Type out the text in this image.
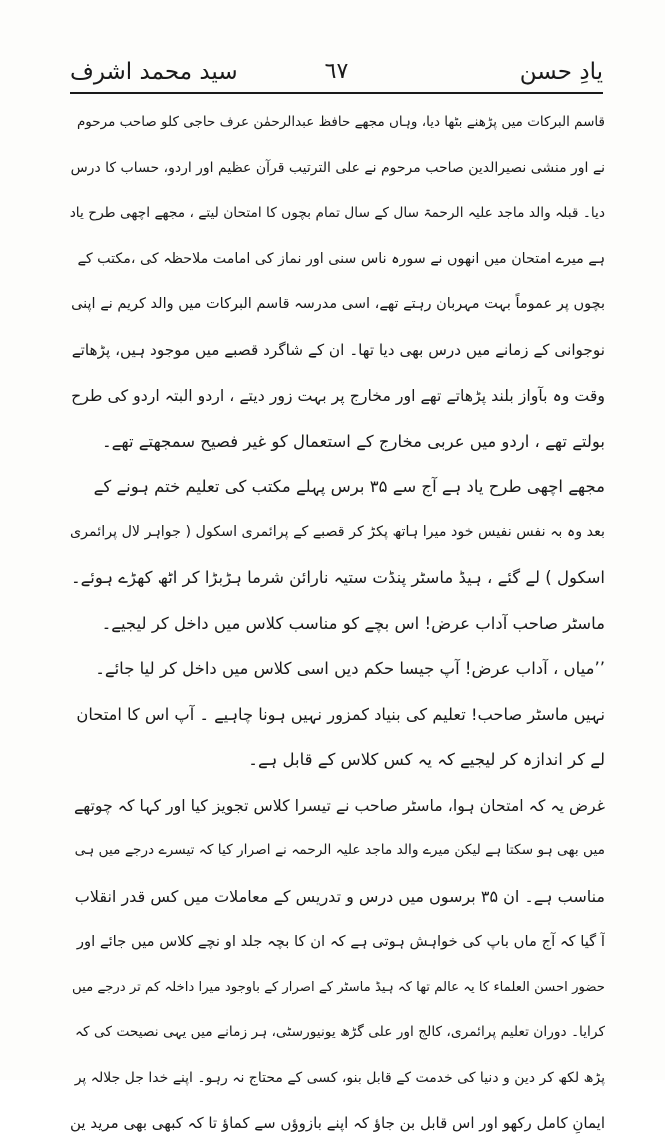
یادِ حسن
٦٧
سید محمد اشرف
قاسم البرکات میں پڑھنے بٹھا دیا، وہاں مجھے حافظ عبدالرحمٰن عرف حاجی کلو صاحب مرحوم
نے اور منشی نصیرالدین صاحب مرحوم نے علی الترتیب قرآن عظیم اور اردو، حساب کا درس
دیا۔ قبلہ والد ماجد علیہ الرحمۃ سال کے سال تمام بچوں کا امتحان لیتے ، مجھے اچھی طرح یاد
ہے میرے امتحان میں انھوں نے سورہ ناس سنی اور نماز کی امامت ملاحظہ کی ،مکتب کے
بچوں پر عموماً بہت مہربان رہتے تھے، اسی مدرسہ قاسم البرکات میں والد کریم نے اپنی
نوجوانی کے زمانے میں درس بھی دیا تھا۔ ان کے شاگرد قصبے میں موجود ہیں، پڑھاتے
وقت وہ بآواز بلند پڑھاتے تھے اور مخارج پر بہت زور دیتے ، اردو البتہ اردو کی طرح
بولتے تھے ، اردو میں عربی مخارج کے استعمال کو غیر فصیح سمجھتے تھے۔
مجھے اچھی طرح یاد ہے آج سے ۳۵ برس پہلے مکتب کی تعلیم ختم ہونے کے
بعد وہ بہ نفس نفیس خود میرا ہاتھ پکڑ کر قصبے کے پرائمری اسکول ( جواہر لال پرائمری
اسکول ) لے گئے ، ہیڈ ماسٹر پنڈت ستیہ نارائن شرما ہڑبڑا کر اٹھ کھڑے ہوئے۔
ماسٹر صاحب آداب عرض! اس بچے کو مناسب کلاس میں داخل کر لیجیے۔
’’میاں ، آداب عرض! آپ جیسا حکم دیں اسی کلاس میں داخل کر لیا جائے۔
نہیں ماسٹر صاحب! تعلیم کی بنیاد کمزور نہیں ہونا چاہیے ۔ آپ اس کا امتحان
لے کر اندازہ کر لیجیے کہ یہ کس کلاس کے قابل ہے۔
غرض یہ کہ امتحان ہوا، ماسٹر صاحب نے تیسرا کلاس تجویز کیا اور کہا کہ چوتھے
میں بھی ہو سکتا ہے لیکن میرے والد ماجد علیہ الرحمہ نے اصرار کیا کہ تیسرے درجے میں ہی
مناسب ہے۔ ان ۳۵ برسوں میں درس و تدریس کے معاملات میں کس قدر انقلاب
آ گیا کہ آج ماں باپ کی خواہش ہوتی ہے کہ ان کا بچہ جلد او نچے کلاس میں جائے اور
حضور احسن العلماء کا یہ عالم تھا کہ ہیڈ ماسٹر کے اصرار کے باوجود میرا داخلہ کم تر درجے میں
کرایا۔ دوران تعلیم پرائمری، کالج اور علی گڑھ یونیورسٹی، ہر زمانے میں یہی نصیحت کی کہ
پڑھ لکھ کر دین و دنیا کی خدمت کے قابل بنو، کسی کے محتاج نہ رہو۔ اپنے خدا جل جلالہ پر
ایمانِ کامل رکھو اور اس قابل بن جاؤ کہ اپنے بازوؤں سے کماؤ تا کہ کبھی بھی مرید ین
